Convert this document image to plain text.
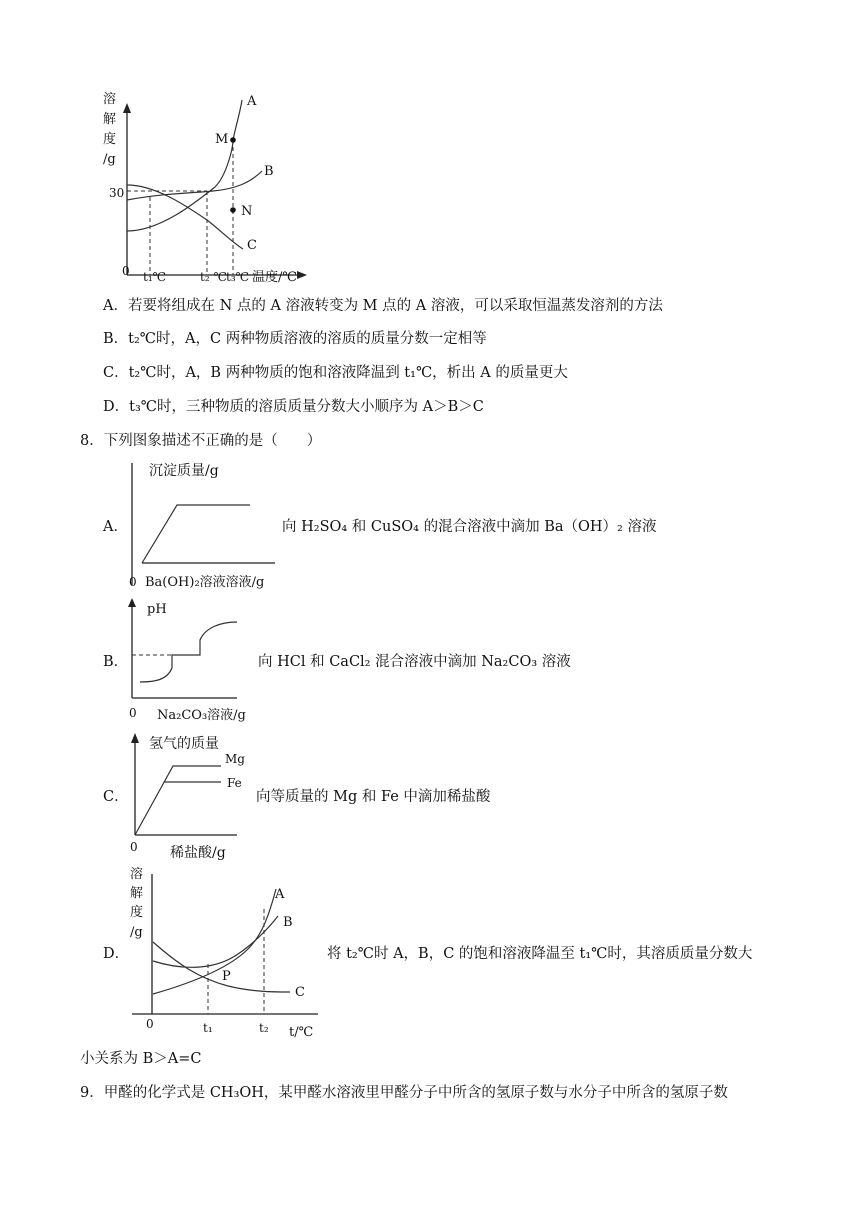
溶
解
度
/g
30
0
M
N
A
B
C
t₁℃	t₂ ℃ t₃℃ 温度/℃
A．若要将组成在 N 点的 A 溶液转变为 M 点的 A 溶液，可以采取恒温蒸发溶剂的方法
B．t₂℃时，A，C 两种物质溶液的溶质的质量分数一定相等
C．t₂℃时，A，B 两种物质的饱和溶液降温到 t₁℃，析出 A 的质量更大
D．t₃℃时，三种物质的溶质质量分数大小顺序为 A＞B＞C
8．下列图象描述不正确的是（　　）
A．
沉淀质量/g
0 Ba(OH)₂溶液溶液/g
向 H₂SO₄ 和 CuSO₄ 的混合溶液中滴加 Ba（OH）₂ 溶液
B．
pH
0 Na₂CO₃溶液/g
向 HCl 和 CaCl₂ 混合溶液中滴加 Na₂CO₃ 溶液
C．
氢气的质量
Mg
Fe
0 稀盐酸/g
向等质量的 Mg 和 Fe 中滴加稀盐酸
D．
溶
解
度
/g
A
B
C
P
0	t₁	t₂ t/℃
将 t₂℃时 A，B，C 的饱和溶液降温至 t₁℃时，其溶质质量分数大
小关系为 B＞A=C
9．甲醛的化学式是 CH₃OH，某甲醛水溶液里甲醛分子中所含的氢原子数与水分子中所含的氢原子数
